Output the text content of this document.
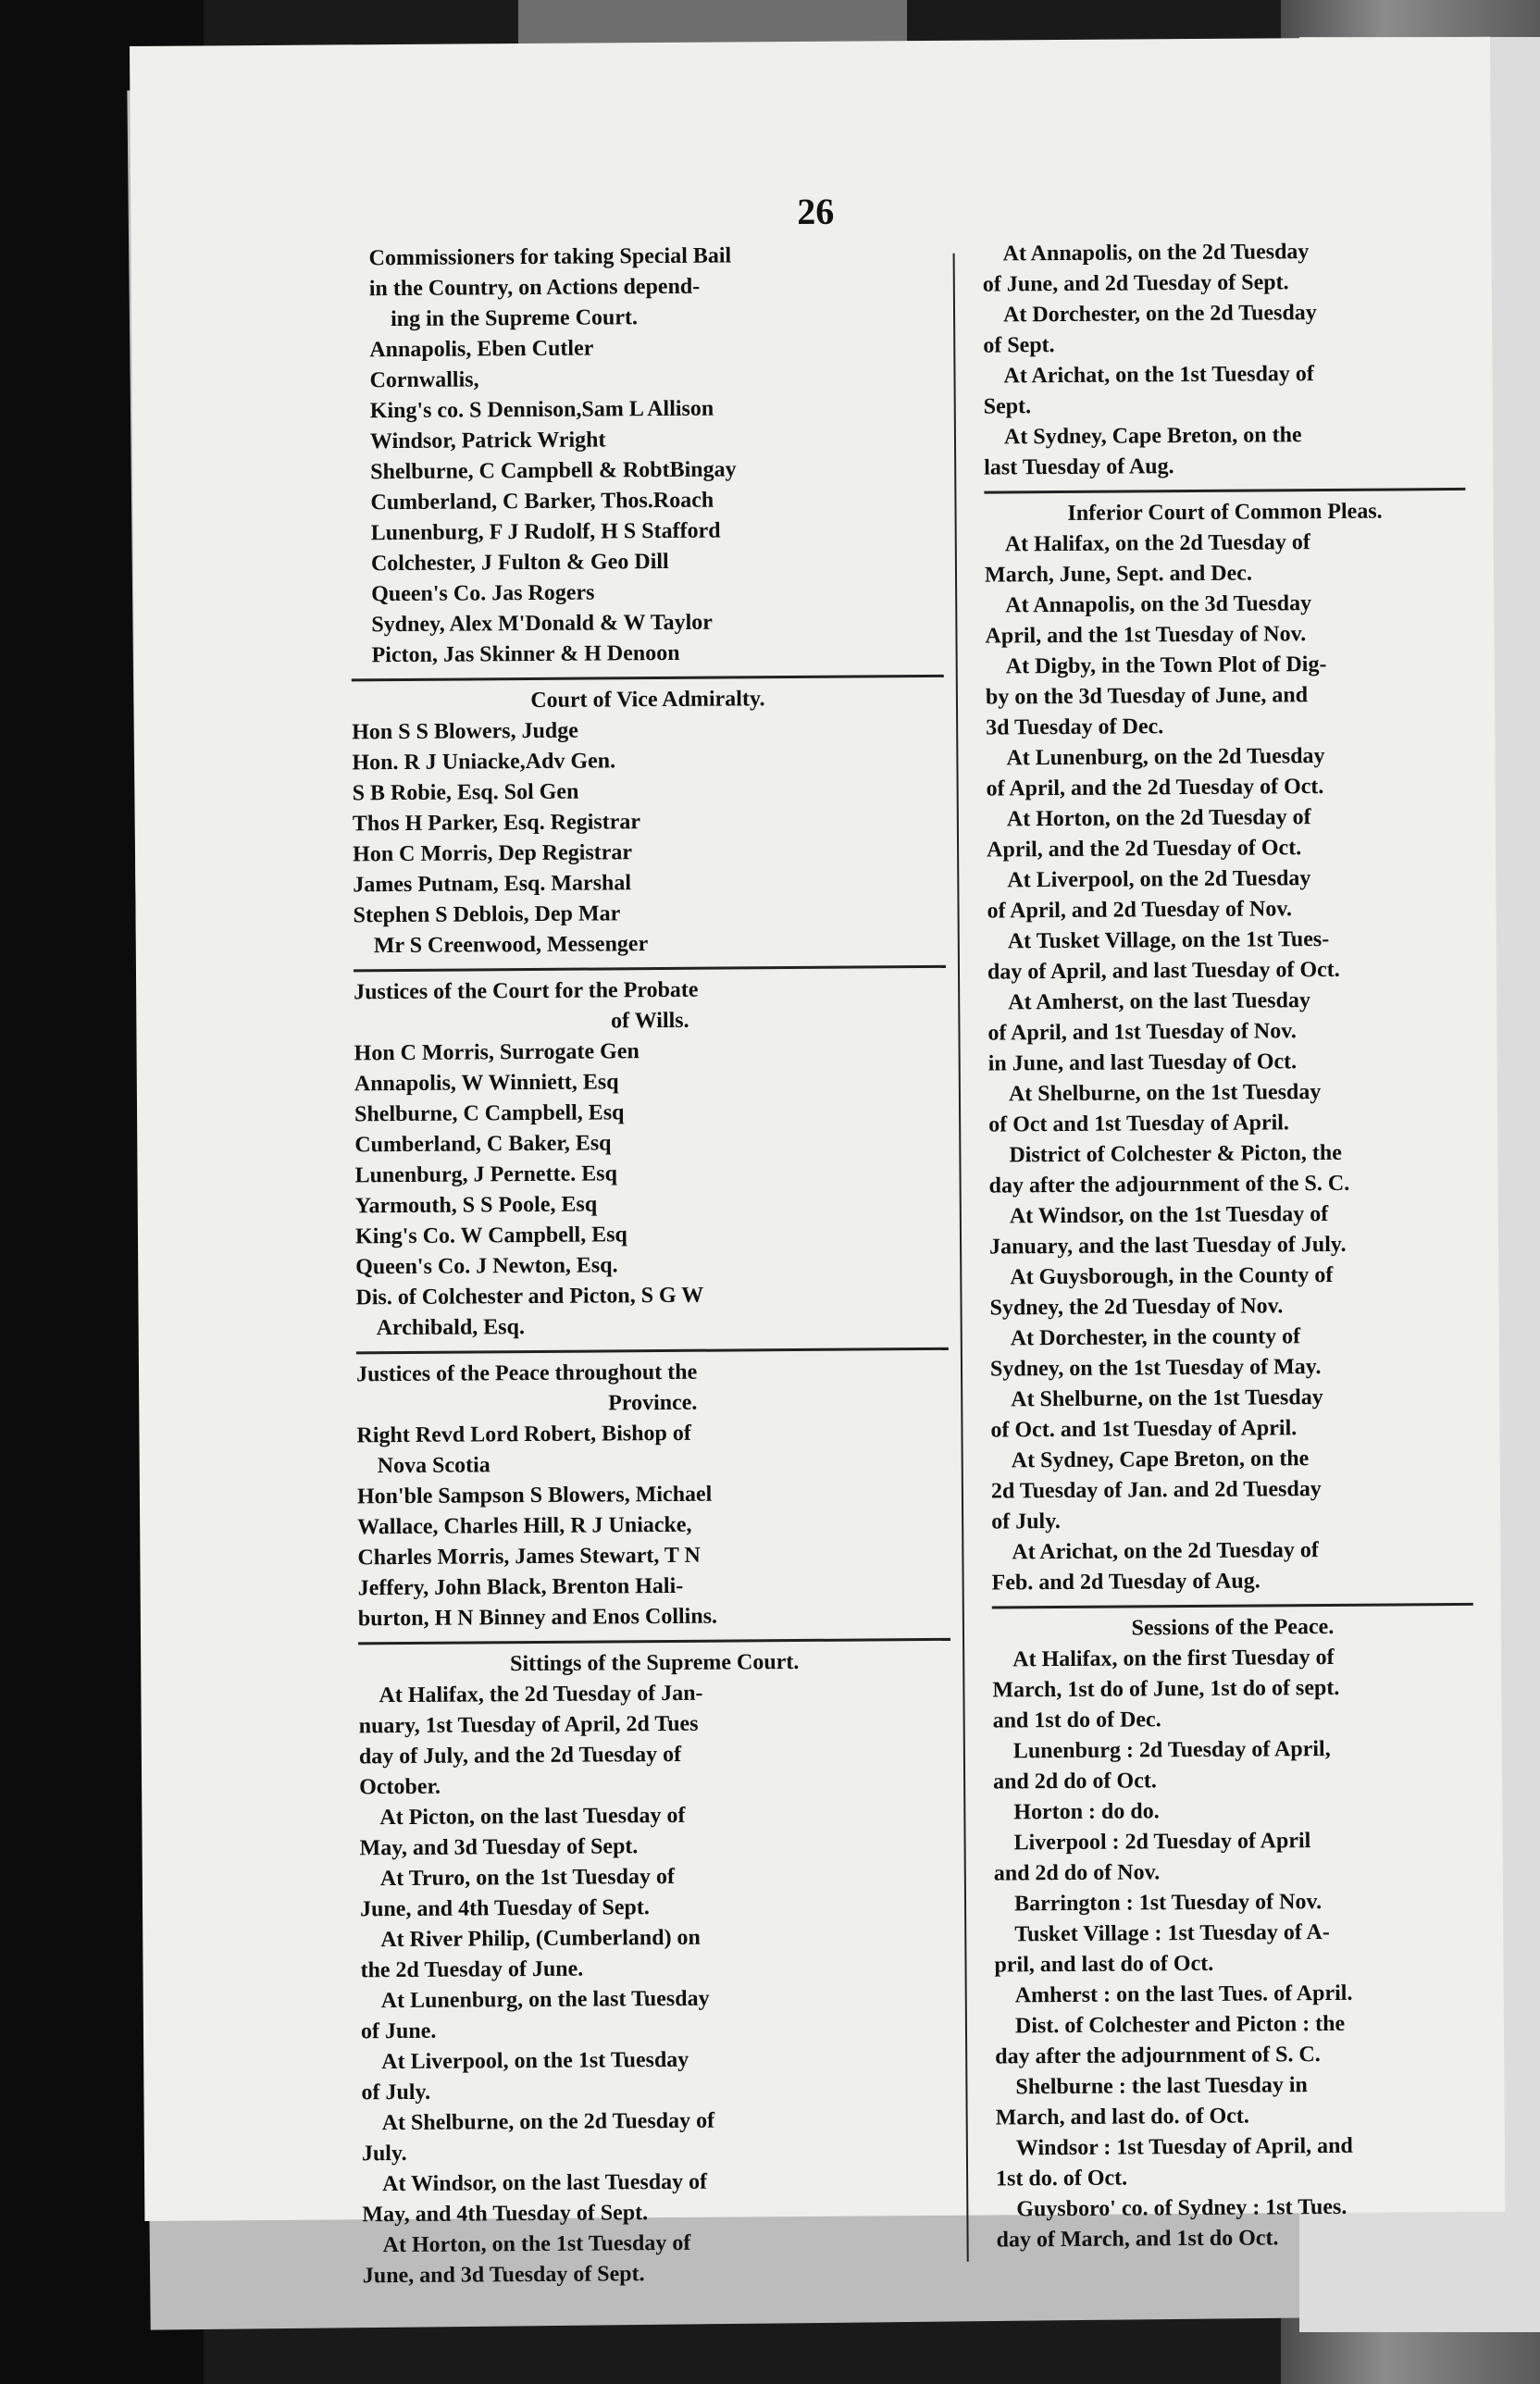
26
Commissioners for taking Special Bail
in the Country, on Actions depend-
ing in the Supreme Court.
Annapolis, Eben Cutler
Cornwallis,
King's co. S Dennison,Sam L Allison
Windsor, Patrick Wright
Shelburne, C Campbell & RobtBingay
Cumberland, C Barker, Thos.Roach
Lunenburg, F J Rudolf, H S Stafford
Colchester, J Fulton & Geo Dill
Queen's Co. Jas Rogers
Sydney, Alex M'Donald & W Taylor
Picton, Jas Skinner & H Denoon
Court of Vice Admiralty.
Hon S S Blowers, Judge
Hon. R J Uniacke,Adv Gen.
S B Robie, Esq. Sol Gen
Thos H Parker, Esq. Registrar
Hon C Morris, Dep Registrar
James Putnam, Esq. Marshal
Stephen S Deblois, Dep Mar
Mr S Creenwood, Messenger
Justices of the Court for the Probate
of Wills.
Hon C Morris, Surrogate Gen
Annapolis, W Winniett, Esq
Shelburne, C Campbell, Esq
Cumberland, C Baker, Esq
Lunenburg, J Pernette. Esq
Yarmouth, S S Poole, Esq
King's Co. W Campbell, Esq
Queen's Co. J Newton, Esq.
Dis. of Colchester and Picton, S G W
Archibald, Esq.
Justices of the Peace throughout the
Province.
Right Revd Lord Robert, Bishop of
Nova Scotia
Hon'ble Sampson S Blowers, Michael
Wallace, Charles Hill, R J Uniacke,
Charles Morris, James Stewart, T N
Jeffery, John Black, Brenton Hali-
burton, H N Binney and Enos Collins.
Sittings of the Supreme Court.
At Halifax, the 2d Tuesday of Jan-
nuary, 1st Tuesday of April, 2d Tues
day of July, and the 2d Tuesday of
October.
At Picton, on the last Tuesday of
May, and 3d Tuesday of Sept.
At Truro, on the 1st Tuesday of
June, and 4th Tuesday of Sept.
At River Philip, (Cumberland) on
the 2d Tuesday of June.
At Lunenburg, on the last Tuesday
of June.
At Liverpool, on the 1st Tuesday
of July.
At Shelburne, on the 2d Tuesday of
July.
At Windsor, on the last Tuesday of
May, and 4th Tuesday of Sept.
At Horton, on the 1st Tuesday of
June, and 3d Tuesday of Sept.
At Annapolis, on the 2d Tuesday
of June, and 2d Tuesday of Sept.
At Dorchester, on the 2d Tuesday
of Sept.
At Arichat, on the 1st Tuesday of
Sept.
At Sydney, Cape Breton, on the
last Tuesday of Aug.
Inferior Court of Common Pleas.
At Halifax, on the 2d Tuesday of
March, June, Sept. and Dec.
At Annapolis, on the 3d Tuesday
April, and the 1st Tuesday of Nov.
At Digby, in the Town Plot of Dig-
by on the 3d Tuesday of June, and
3d Tuesday of Dec.
At Lunenburg, on the 2d Tuesday
of April, and the 2d Tuesday of Oct.
At Horton, on the 2d Tuesday of
April, and the 2d Tuesday of Oct.
At Liverpool, on the 2d Tuesday
of April, and 2d Tuesday of Nov.
At Tusket Village, on the 1st Tues-
day of April, and last Tuesday of Oct.
At Amherst, on the last Tuesday
of April, and 1st Tuesday of Nov.
in June, and last Tuesday of Oct.
At Shelburne, on the 1st Tuesday
of Oct and 1st Tuesday of April.
District of Colchester & Picton, the
day after the adjournment of the S. C.
At Windsor, on the 1st Tuesday of
January, and the last Tuesday of July.
At Guysborough, in the County of
Sydney, the 2d Tuesday of Nov.
At Dorchester, in the county of
Sydney, on the 1st Tuesday of May.
At Shelburne, on the 1st Tuesday
of Oct. and 1st Tuesday of April.
At Sydney, Cape Breton, on the
2d Tuesday of Jan. and 2d Tuesday
of July.
At Arichat, on the 2d Tuesday of
Feb. and 2d Tuesday of Aug.
Sessions of the Peace.
At Halifax, on the first Tuesday of
March, 1st do of June, 1st do of sept.
and 1st do of Dec.
Lunenburg : 2d Tuesday of April,
and 2d do of Oct.
Horton : do do.
Liverpool : 2d Tuesday of April
and 2d do of Nov.
Barrington : 1st Tuesday of Nov.
Tusket Village : 1st Tuesday of A-
pril, and last do of Oct.
Amherst : on the last Tues. of April.
Dist. of Colchester and Picton : the
day after the adjournment of S. C.
Shelburne : the last Tuesday in
March, and last do. of Oct.
Windsor : 1st Tuesday of April, and
1st do. of Oct.
Guysboro' co. of Sydney : 1st Tues.
day of March, and 1st do Oct.
